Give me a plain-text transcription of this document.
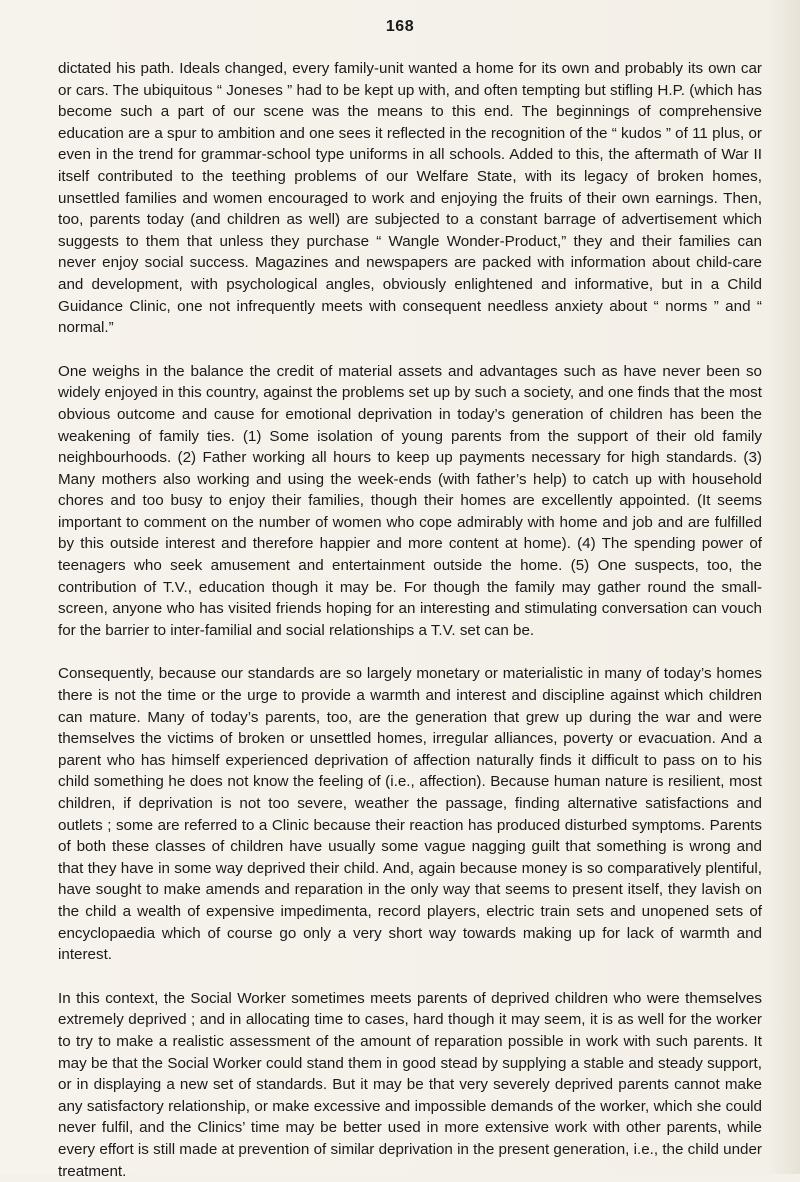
168

dictated his path. Ideals changed, every family-unit wanted a home for its own and probably its own car or cars. The ubiquitous “ Joneses ” had to be kept up with, and often tempting but stifling H.P. (which has become such a part of our scene was the means to this end. The beginnings of comprehensive education are a spur to ambition and one sees it reflected in the recognition of the “ kudos ” of 11 plus, or even in the trend for grammar-school type uniforms in all schools. Added to this, the aftermath of War II itself contributed to the teething problems of our Welfare State, with its legacy of broken homes, unsettled families and women encouraged to work and enjoying the fruits of their own earnings. Then, too, parents today (and children as well) are subjected to a constant barrage of advertisement which suggests to them that unless they purchase “ Wangle Wonder-Product,” they and their families can never enjoy social success. Magazines and newspapers are packed with information about child-care and development, with psychological angles, obviously enlightened and informative, but in a Child Guidance Clinic, one not infrequently meets with consequent needless anxiety about “ norms ” and “ normal.”

One weighs in the balance the credit of material assets and advantages such as have never been so widely enjoyed in this country, against the problems set up by such a society, and one finds that the most obvious outcome and cause for emotional deprivation in today’s generation of children has been the weakening of family ties. (1) Some isolation of young parents from the support of their old family neighbourhoods. (2) Father working all hours to keep up payments necessary for high standards. (3) Many mothers also working and using the week-ends (with father’s help) to catch up with household chores and too busy to enjoy their families, though their homes are excellently appointed. (It seems important to comment on the number of women who cope admirably with home and job and are fulfilled by this outside interest and therefore happier and more content at home). (4) The spending power of teenagers who seek amusement and entertainment outside the home. (5) One suspects, too, the contribution of T.V., education though it may be. For though the family may gather round the small-screen, anyone who has visited friends hoping for an interesting and stimulating conversation can vouch for the barrier to inter-familial and social relationships a T.V. set can be.

Consequently, because our standards are so largely monetary or materialistic in many of today’s homes there is not the time or the urge to provide a warmth and interest and discipline against which children can mature. Many of today’s parents, too, are the generation that grew up during the war and were themselves the victims of broken or unsettled homes, irregular alliances, poverty or evacuation. And a parent who has himself experienced deprivation of affection naturally finds it difficult to pass on to his child something he does not know the feeling of (i.e., affection). Because human nature is resilient, most children, if deprivation is not too severe, weather the passage, finding alternative satisfactions and outlets ; some are referred to a Clinic because their reaction has produced disturbed symptoms. Parents of both these classes of children have usually some vague nagging guilt that something is wrong and that they have in some way deprived their child. And, again because money is so comparatively plentiful, have sought to make amends and reparation in the only way that seems to present itself, they lavish on the child a wealth of expensive impedimenta, record players, electric train sets and unopened sets of encyclopaedia which of course go only a very short way towards making up for lack of warmth and interest.

In this context, the Social Worker sometimes meets parents of deprived children who were themselves extremely deprived ; and in allocating time to cases, hard though it may seem, it is as well for the worker to try to make a realistic assessment of the amount of reparation possible in work with such parents. It may be that the Social Worker could stand them in good stead by supplying a stable and steady support, or in displaying a new set of standards. But it may be that very severely deprived parents cannot make any satisfactory relationship, or make excessive and impossible demands of the worker, which she could never fulfil, and the Clinics’ time may be better used in more extensive work with other parents, while every effort is still made at prevention of similar deprivation in the present generation, i.e., the child under treatment.
